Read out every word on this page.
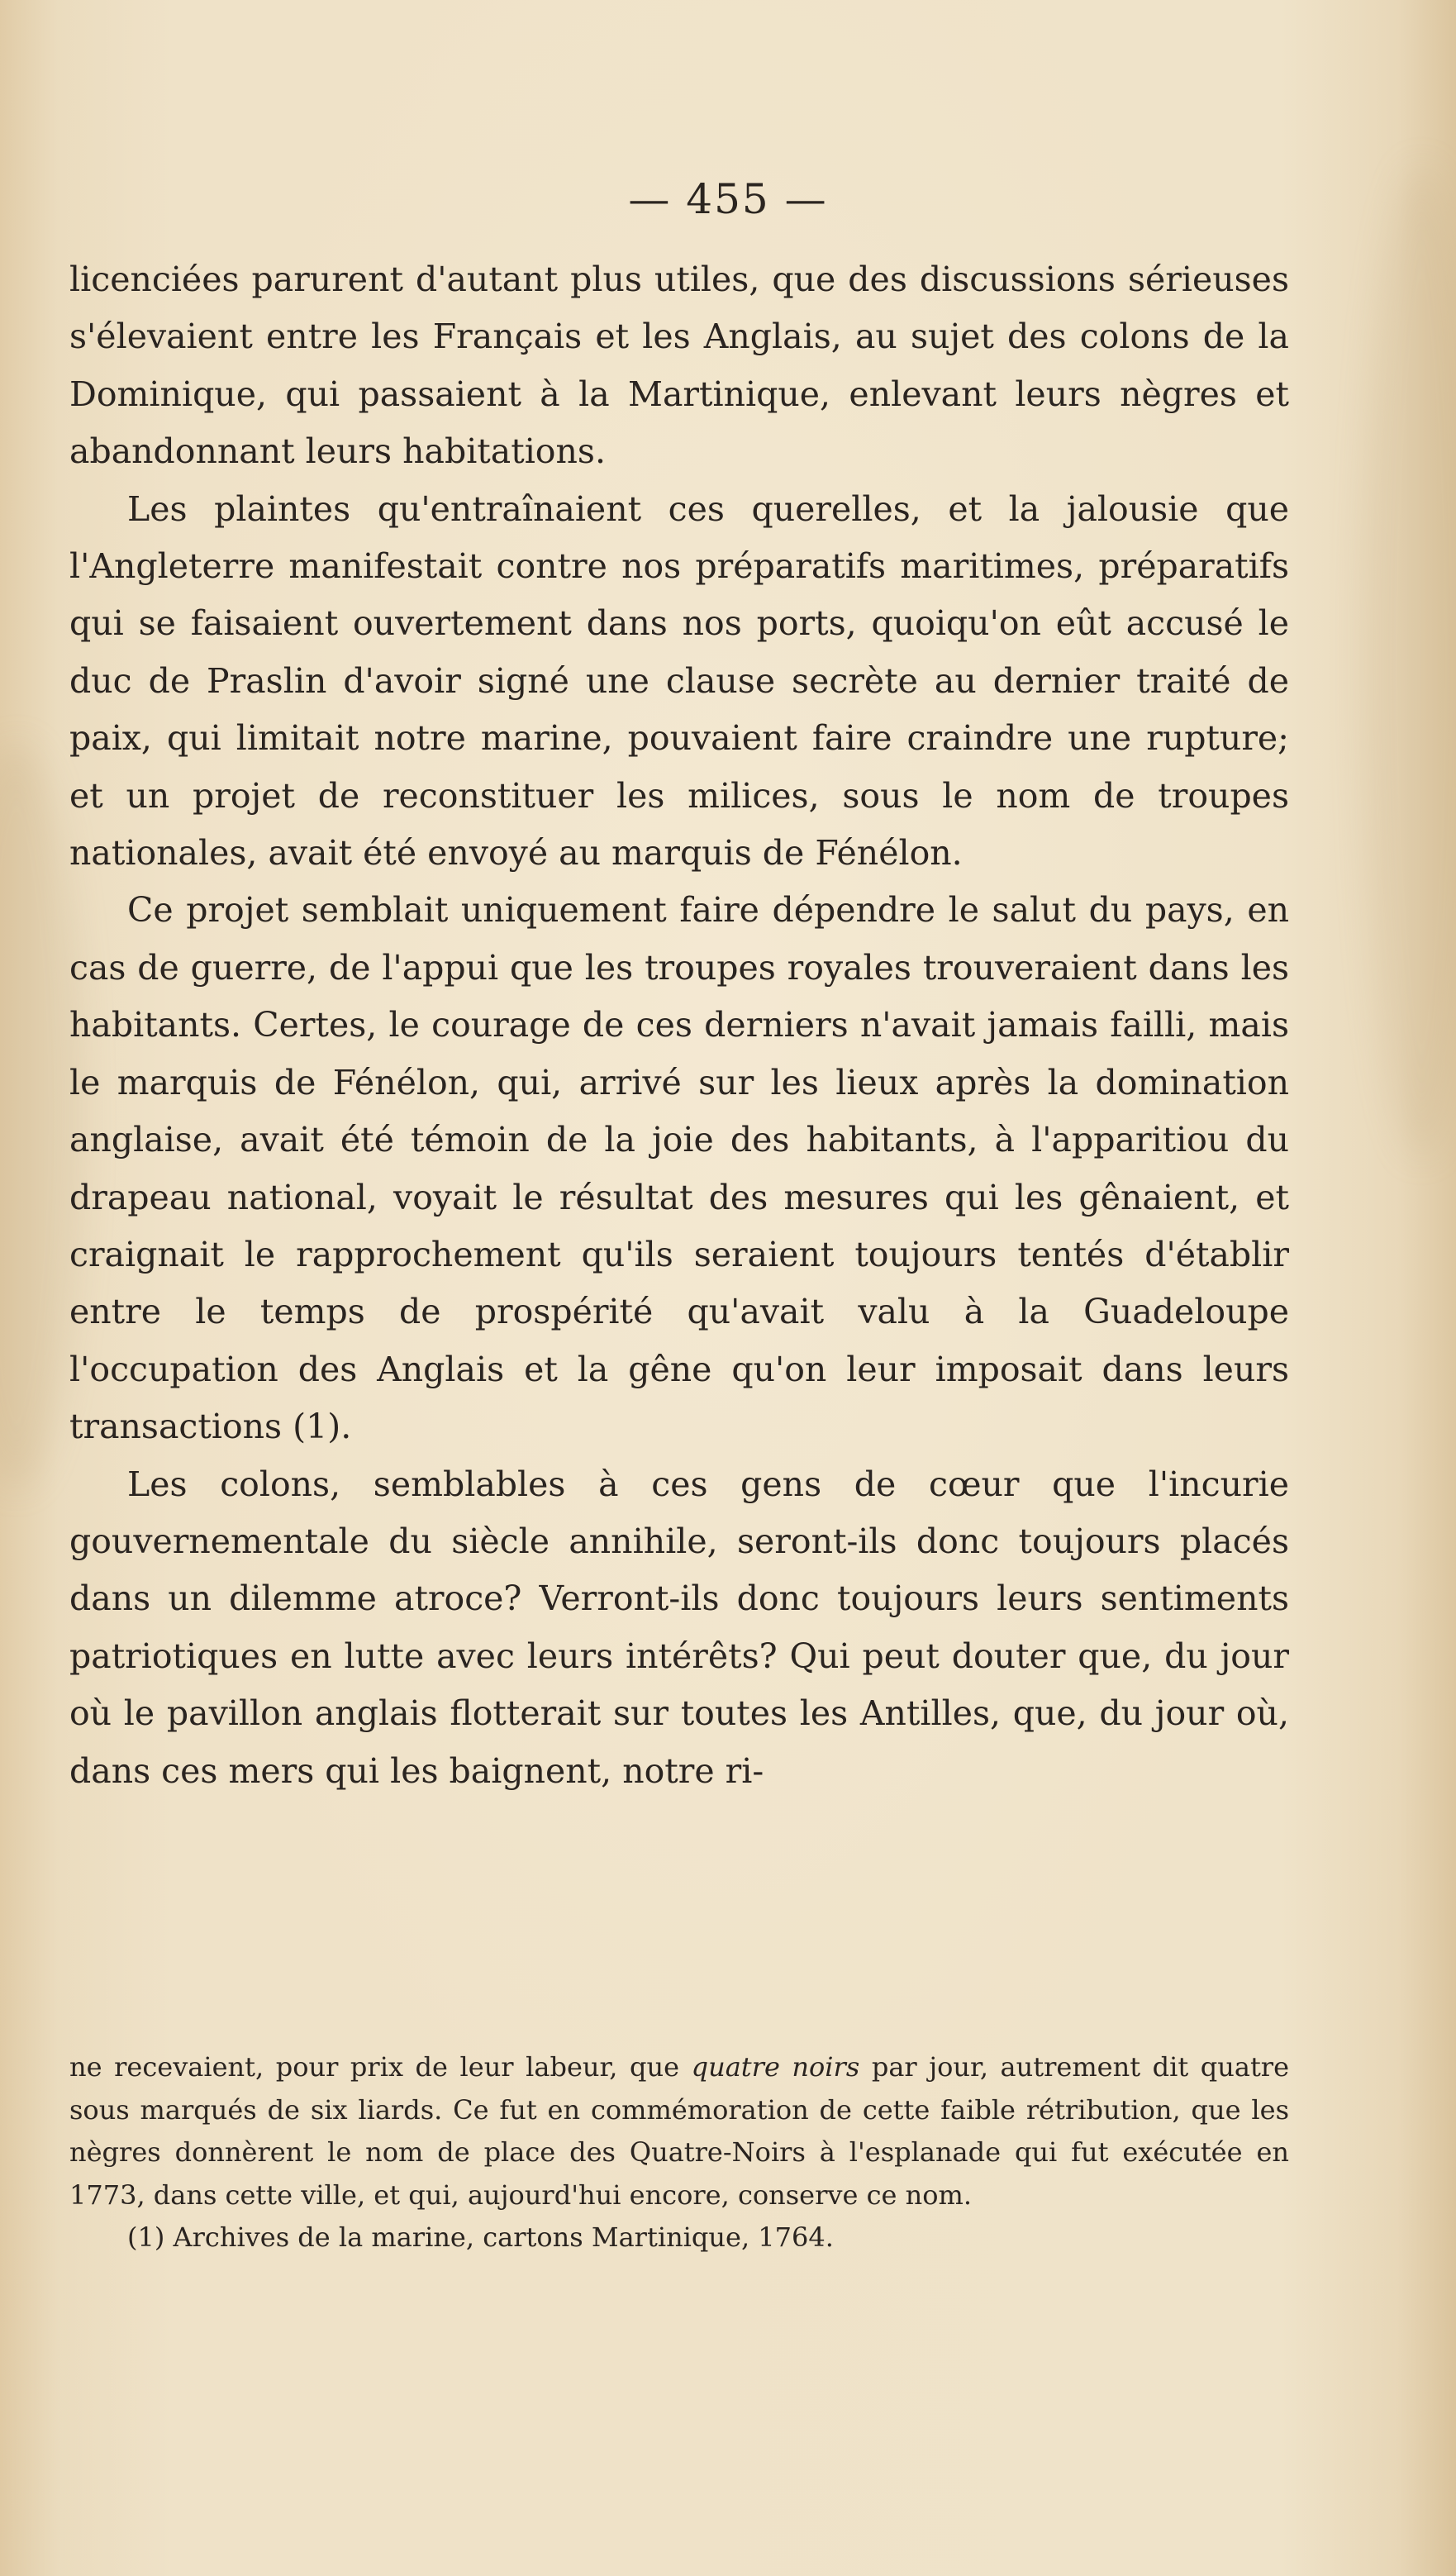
— 455 —

licenciées parurent d'autant plus utiles, que des discussions sérieuses s'élevaient entre les Français et les Anglais, au sujet des colons de la Dominique, qui passaient à la Martinique, enlevant leurs nègres et abandonnant leurs habitations.

Les plaintes qu'entraînaient ces querelles, et la jalousie que l'Angleterre manifestait contre nos préparatifs maritimes, préparatifs qui se faisaient ouvertement dans nos ports, quoiqu'on eût accusé le duc de Praslin d'avoir signé une clause secrète au dernier traité de paix, qui limitait notre marine, pouvaient faire craindre une rupture; et un projet de reconstituer les milices, sous le nom de troupes nationales, avait été envoyé au marquis de Fénélon.

Ce projet semblait uniquement faire dépendre le salut du pays, en cas de guerre, de l'appui que les troupes royales trouveraient dans les habitants. Certes, le courage de ces derniers n'avait jamais failli, mais le marquis de Fénélon, qui, arrivé sur les lieux après la domination anglaise, avait été témoin de la joie des habitants, à l'apparitiou du drapeau national, voyait le résultat des mesures qui les gênaient, et craignait le rapprochement qu'ils seraient toujours tentés d'établir entre le temps de prospérité qu'avait valu à la Guadeloupe l'occupation des Anglais et la gêne qu'on leur imposait dans leurs transactions (1).

Les colons, semblables à ces gens de cœur que l'incurie gouvernementale du siècle annihile, seront-ils donc toujours placés dans un dilemme atroce? Verront-ils donc toujours leurs sentiments patriotiques en lutte avec leurs intérêts? Qui peut douter que, du jour où le pavillon anglais flotterait sur toutes les Antilles, que, du jour où, dans ces mers qui les baignent, notre ri-

ne recevaient, pour prix de leur labeur, que quatre noirs par jour, autrement dit quatre sous marqués de six liards. Ce fut en commémoration de cette faible rétribution, que les nègres donnèrent le nom de place des Quatre-Noirs à l'esplanade qui fut exécutée en 1773, dans cette ville, et qui, aujourd'hui encore, conserve ce nom.

(1) Archives de la marine, cartons Martinique, 1764.
